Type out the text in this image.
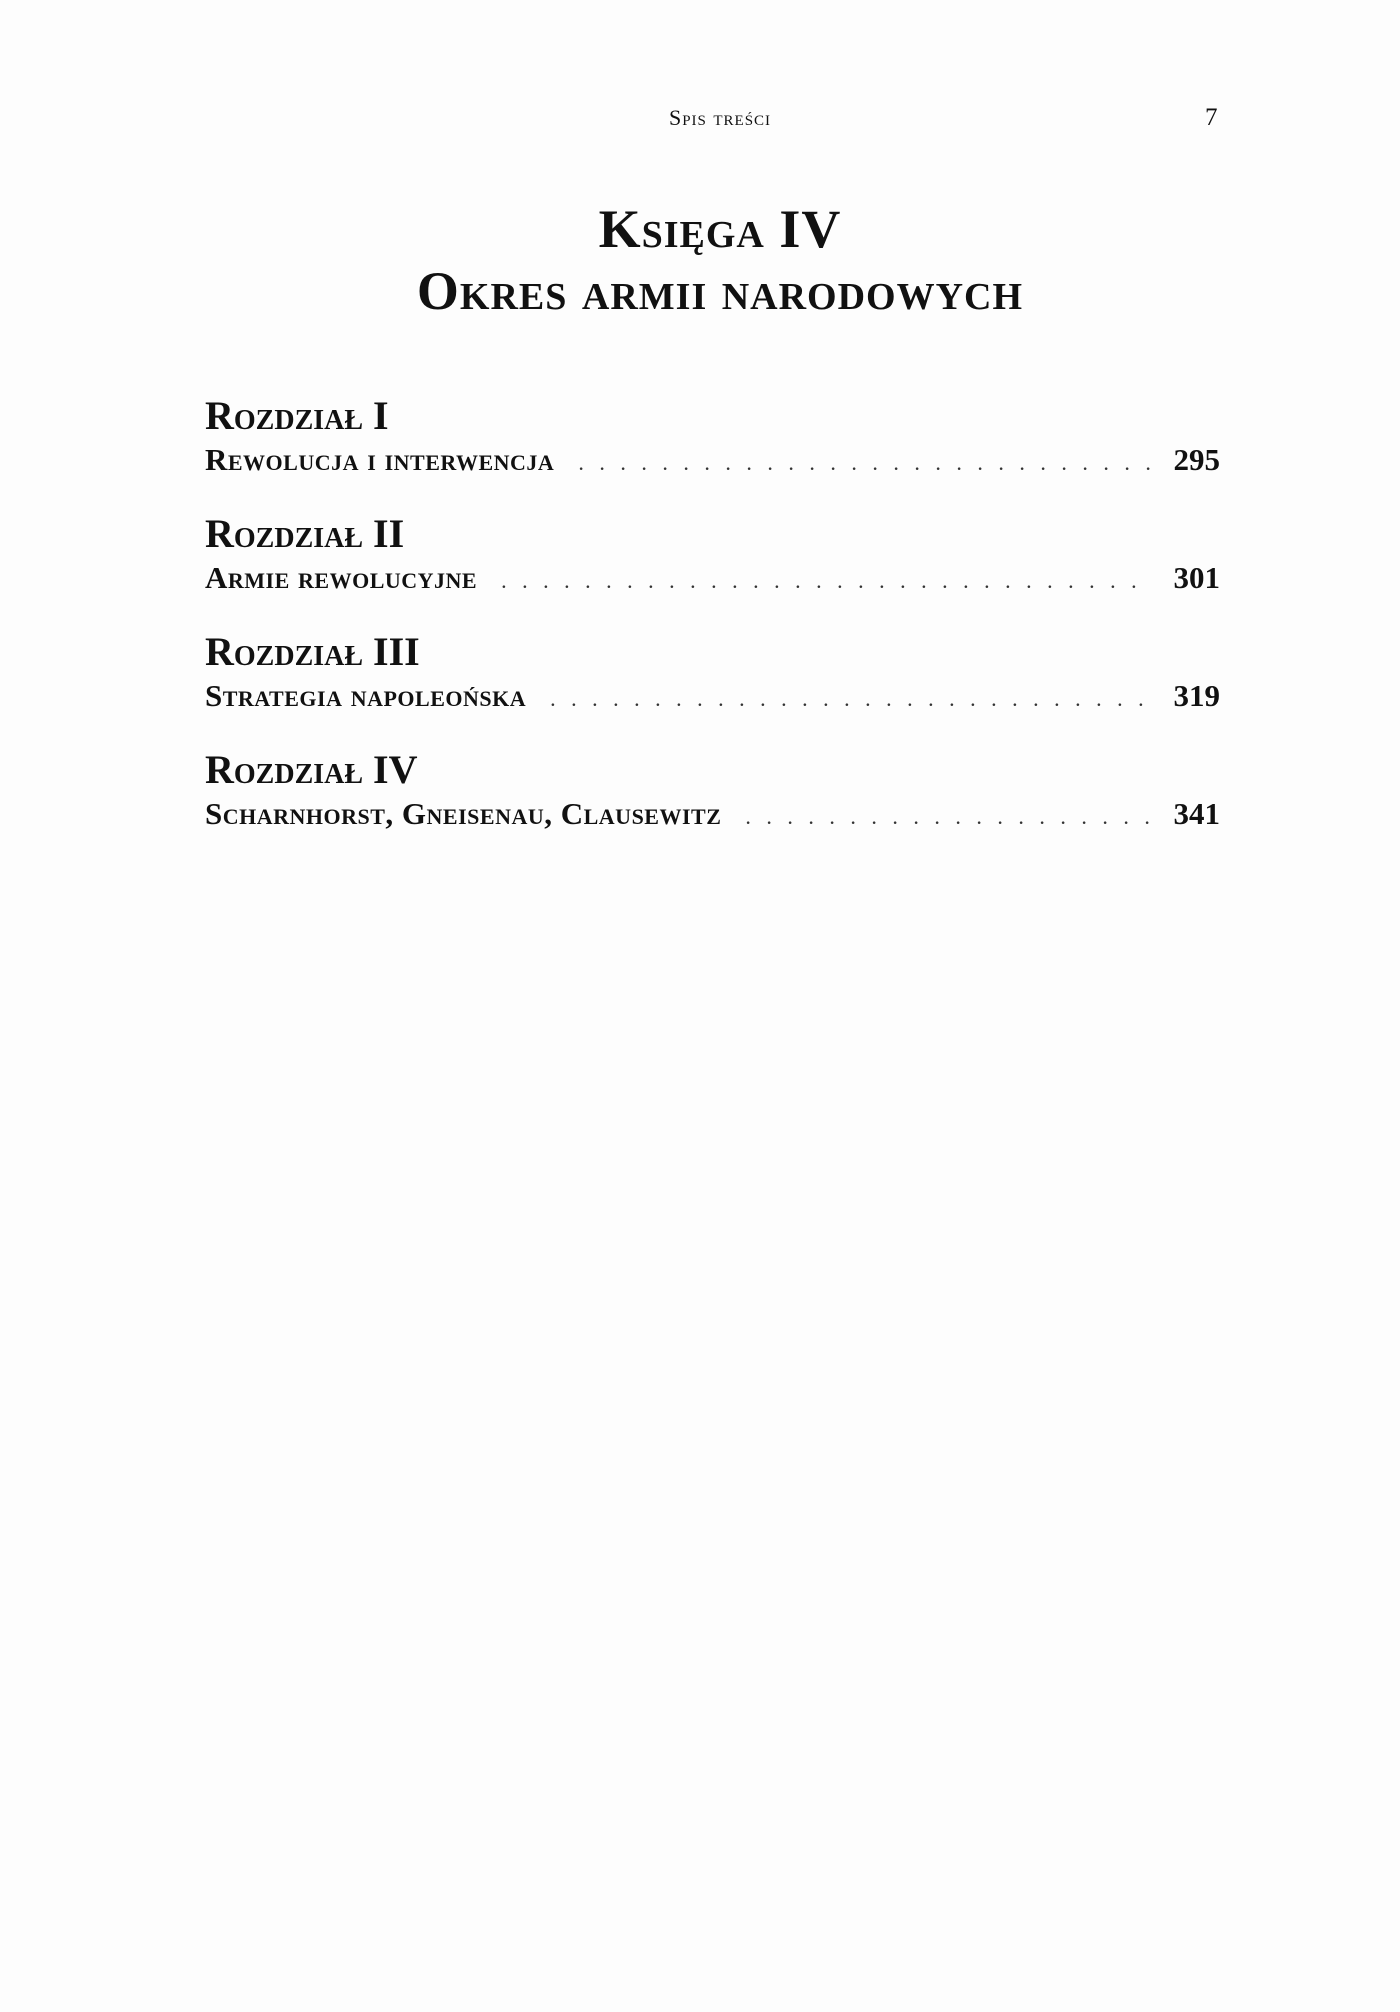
Spis treści	7
Księga IV
Okres armii narodowych
Rozdział I
Rewolucja i interwencja . . .	295
Rozdział II
Armie rewolucyjne . . .	301
Rozdział III
Strategia napoleońska . . .	319
Rozdział IV
Scharnhorst, Gneisenau, Clausewitz . . .	341
